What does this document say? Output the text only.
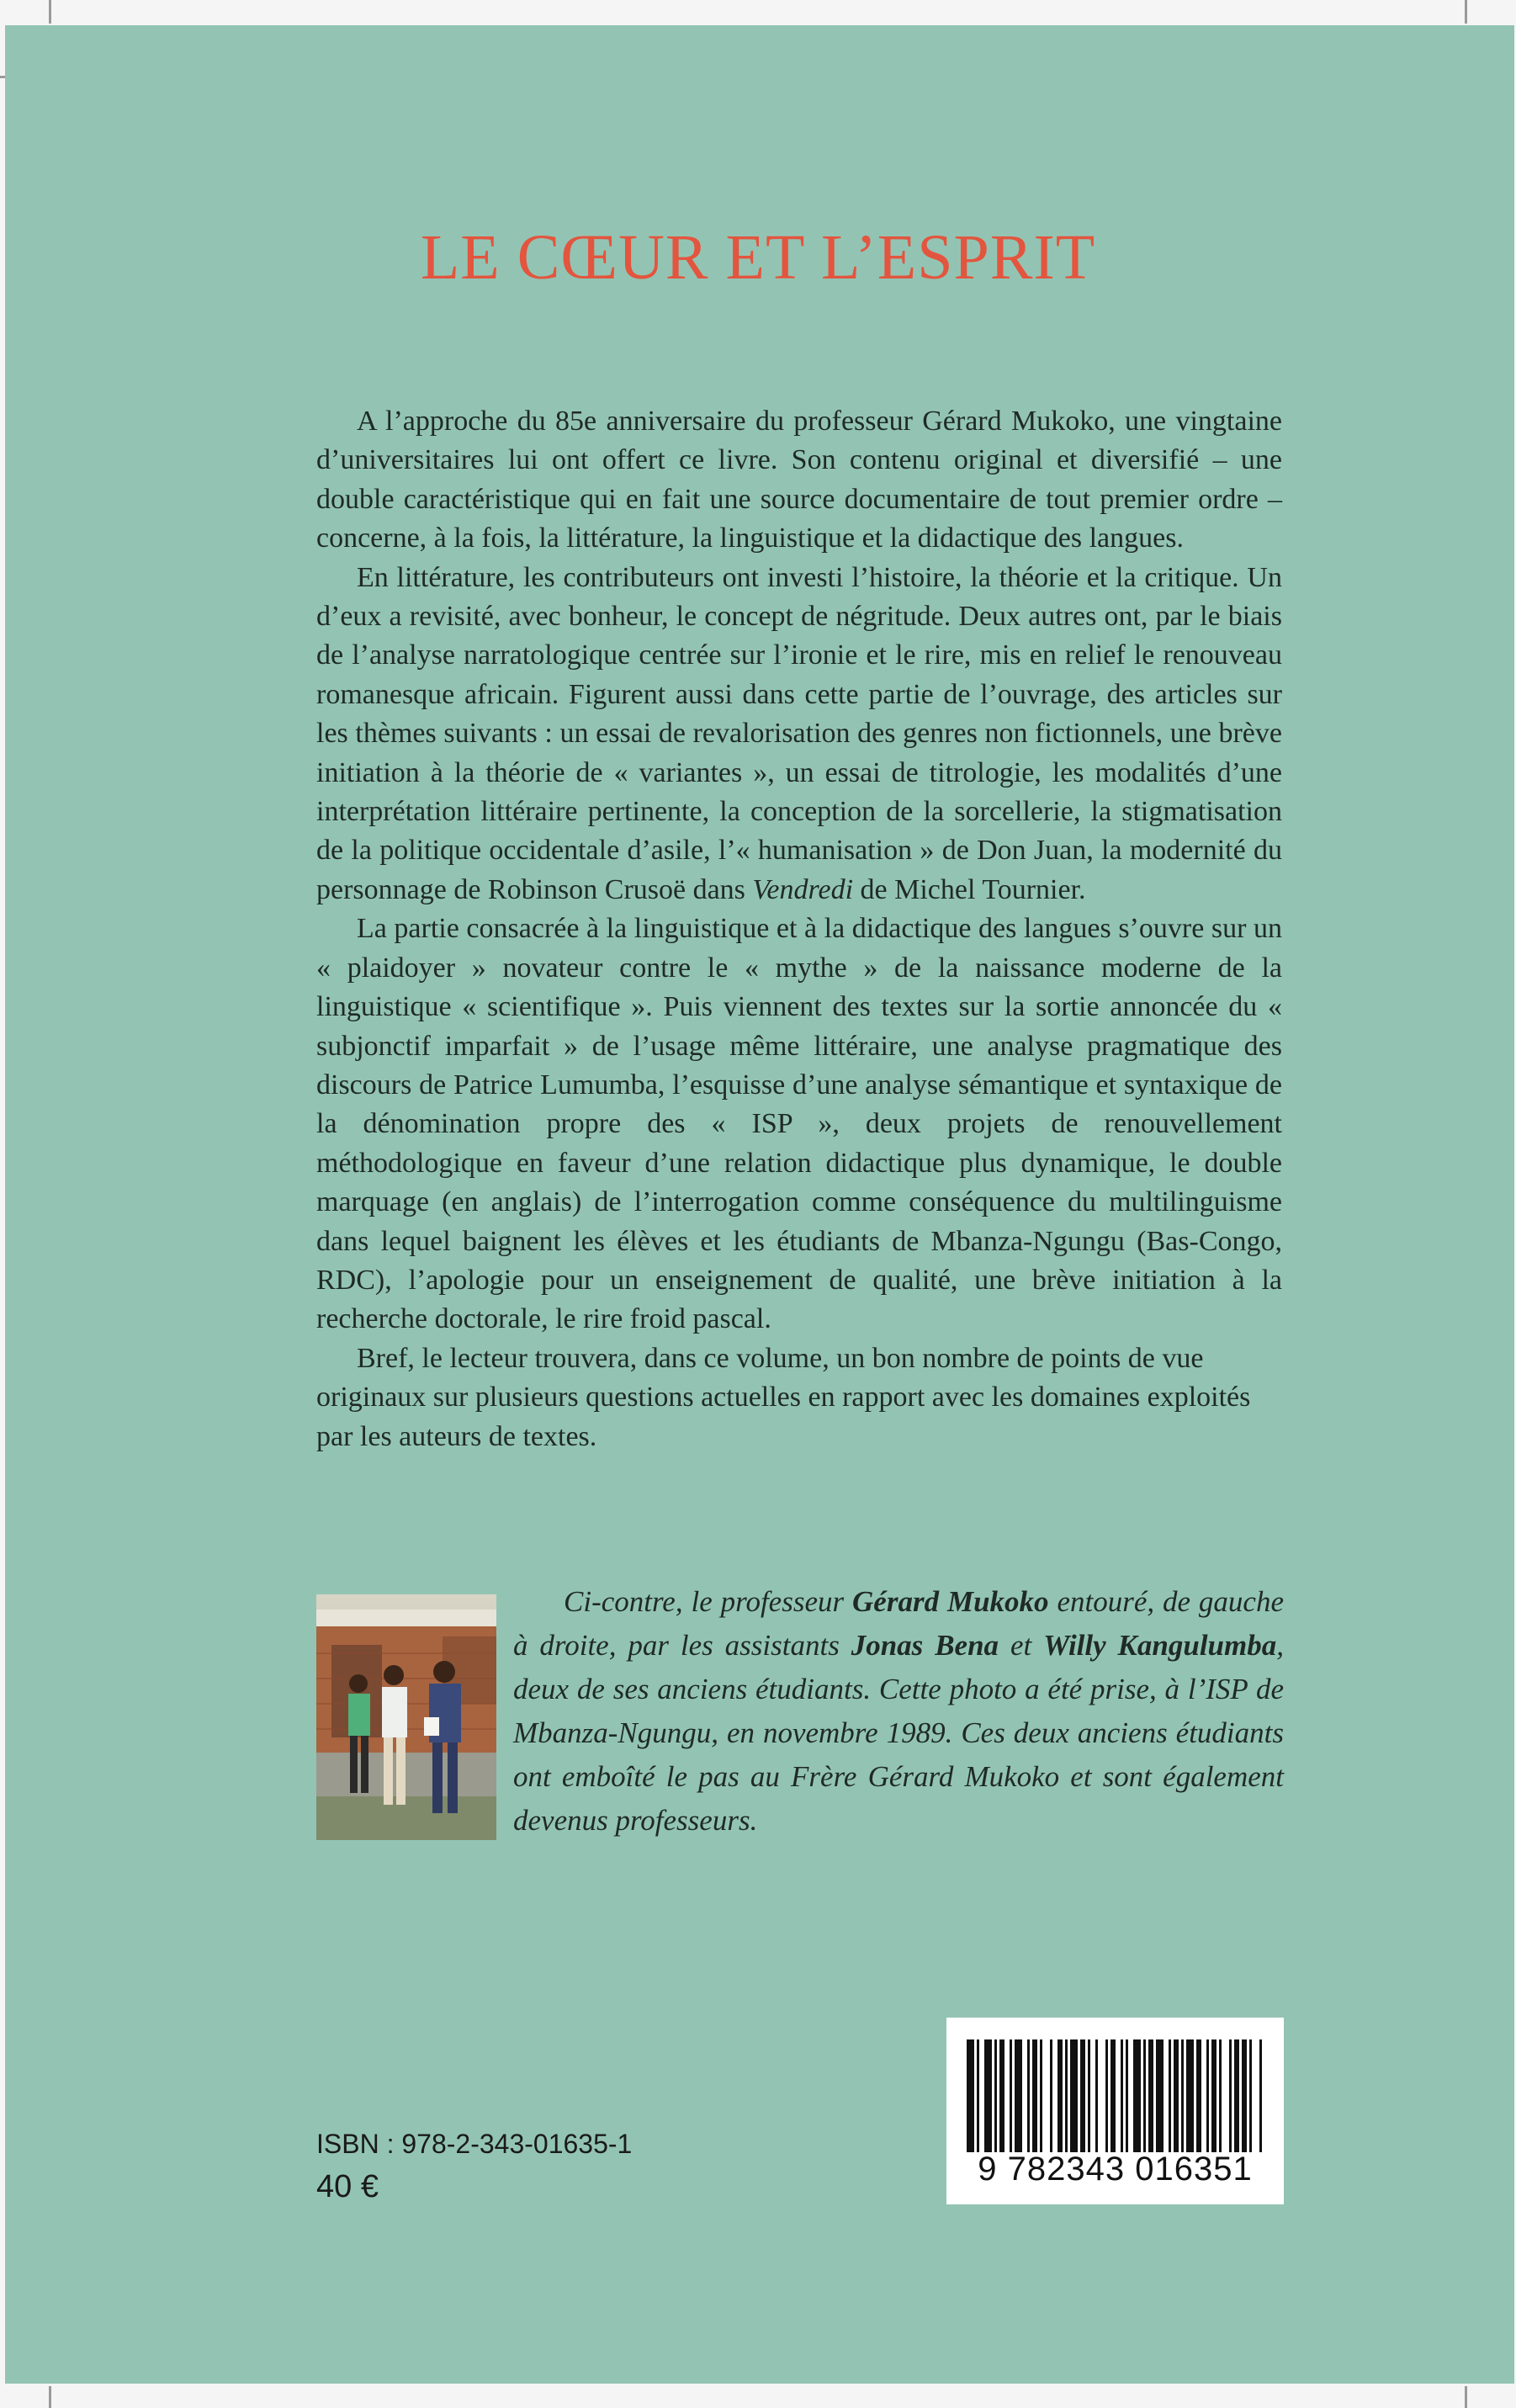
LE CŒUR ET L’ESPRIT

A l’approche du 85e anniversaire du professeur Gérard Mukoko, une vingtaine d’universitaires lui ont offert ce livre. Son contenu original et diversifié – une double caractéristique qui en fait une source documentaire de tout premier ordre – concerne, à la fois, la littérature, la linguistique et la didactique des langues.

En littérature, les contributeurs ont investi l’histoire, la théorie et la critique. Un d’eux a revisité, avec bonheur, le concept de négritude. Deux autres ont, par le biais de l’analyse narratologique centrée sur l’ironie et le rire, mis en relief le renouveau romanesque africain. Figurent aussi dans cette partie de l’ouvrage, des articles sur les thèmes suivants : un essai de revalorisation des genres non fictionnels, une brève initiation à la théorie de « variantes », un essai de titrologie, les modalités d’une interprétation littéraire pertinente, la conception de la sorcellerie, la stigmatisation de la politique occidentale d’asile, l’« humanisation » de Don Juan, la modernité du personnage de Robinson Crusoë dans Vendredi de Michel Tournier.

La partie consacrée à la linguistique et à la didactique des langues s’ouvre sur un « plaidoyer » novateur contre le « mythe » de la naissance moderne de la linguistique « scientifique ». Puis viennent des textes sur la sortie annoncée du « subjonctif imparfait » de l’usage même littéraire, une analyse pragmatique des discours de Patrice Lumumba, l’esquisse d’une analyse sémantique et syntaxique de la dénomination propre des « ISP », deux projets de renouvellement méthodologique en faveur d’une relation didactique plus dynamique, le double marquage (en anglais) de l’interrogation comme conséquence du multilinguisme dans lequel baignent les élèves et les étudiants de Mbanza-Ngungu (Bas-Congo, RDC), l’apologie pour un enseignement de qualité, une brève initiation à la recherche doctorale, le rire froid pascal.

Bref, le lecteur trouvera, dans ce volume, un bon nombre de points de vue originaux sur plusieurs questions actuelles en rapport avec les domaines exploités par les auteurs de textes.

Ci-contre, le professeur Gérard Mukoko entouré, de gauche à droite, par les assistants Jonas Bena et Willy Kangulumba, deux de ses anciens étudiants. Cette photo a été prise, à l’ISP de Mbanza-Ngungu, en novembre 1989. Ces deux anciens étudiants ont emboîté le pas au Frère Gérard Mukoko et sont également devenus professeurs.

9 782343 016351
ISBN : 978-2-343-01635-1
40 €
